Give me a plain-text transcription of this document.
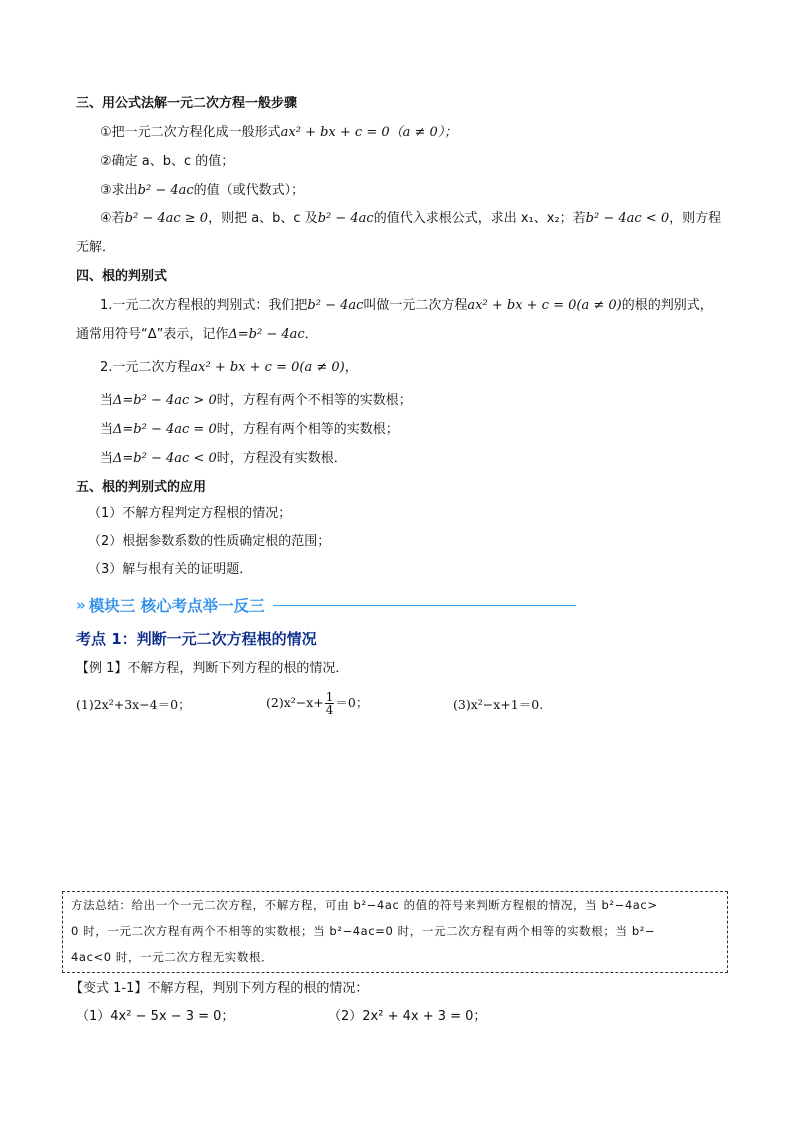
三、用公式法解一元二次方程一般步骤
①把一元二次方程化成一般形式ax² + bx + c = 0（a ≠ 0）；
②确定 a、b、c 的值；
③求出b² − 4ac的值（或代数式）；
④若b² − 4ac ≥ 0，则把 a、b、c 及b² − 4ac的值代入求根公式，求出 x₁、x₂；若b² − 4ac < 0，则方程
无解．
四、根的判别式
1.一元二次方程根的判别式：我们把b² − 4ac叫做一元二次方程ax² + bx + c = 0(a ≠ 0)的根的判别式，
通常用符号“Δ”表示，记作Δ=b² − 4ac．
2.一元二次方程ax² + bx + c = 0(a ≠ 0)，
当Δ=b² − 4ac > 0时，方程有两个不相等的实数根；
当Δ=b² − 4ac = 0时，方程有两个相等的实数根；
当Δ=b² − 4ac < 0时，方程没有实数根．
五、根的判别式的应用
（1）不解方程判定方程根的情况；
（2）根据参数系数的性质确定根的范围；
（3）解与根有关的证明题．
» 模块三 核心考点举一反三
考点 1：判断一元二次方程根的情况
【例 1】不解方程，判断下列方程的根的情况．
(1)2x²+3x−4＝0；	$(2)x^2-x+ \frac{1}{4} =0$；	(3)x²−x+1＝0.
方法总结：给出一个一元二次方程，不解方程，可由 b²−4ac 的值的符号来判断方程根的情况，当 b²−4ac>
0 时，一元二次方程有两个不相等的实数根；当 b²−4ac=0 时，一元二次方程有两个相等的实数根；当 b²−
4ac<0 时，一元二次方程无实数根．
【变式 1-1】不解方程，判别下列方程的根的情况：
（1）4x² − 5x − 3 = 0；	（2）2x² + 4x + 3 = 0；
